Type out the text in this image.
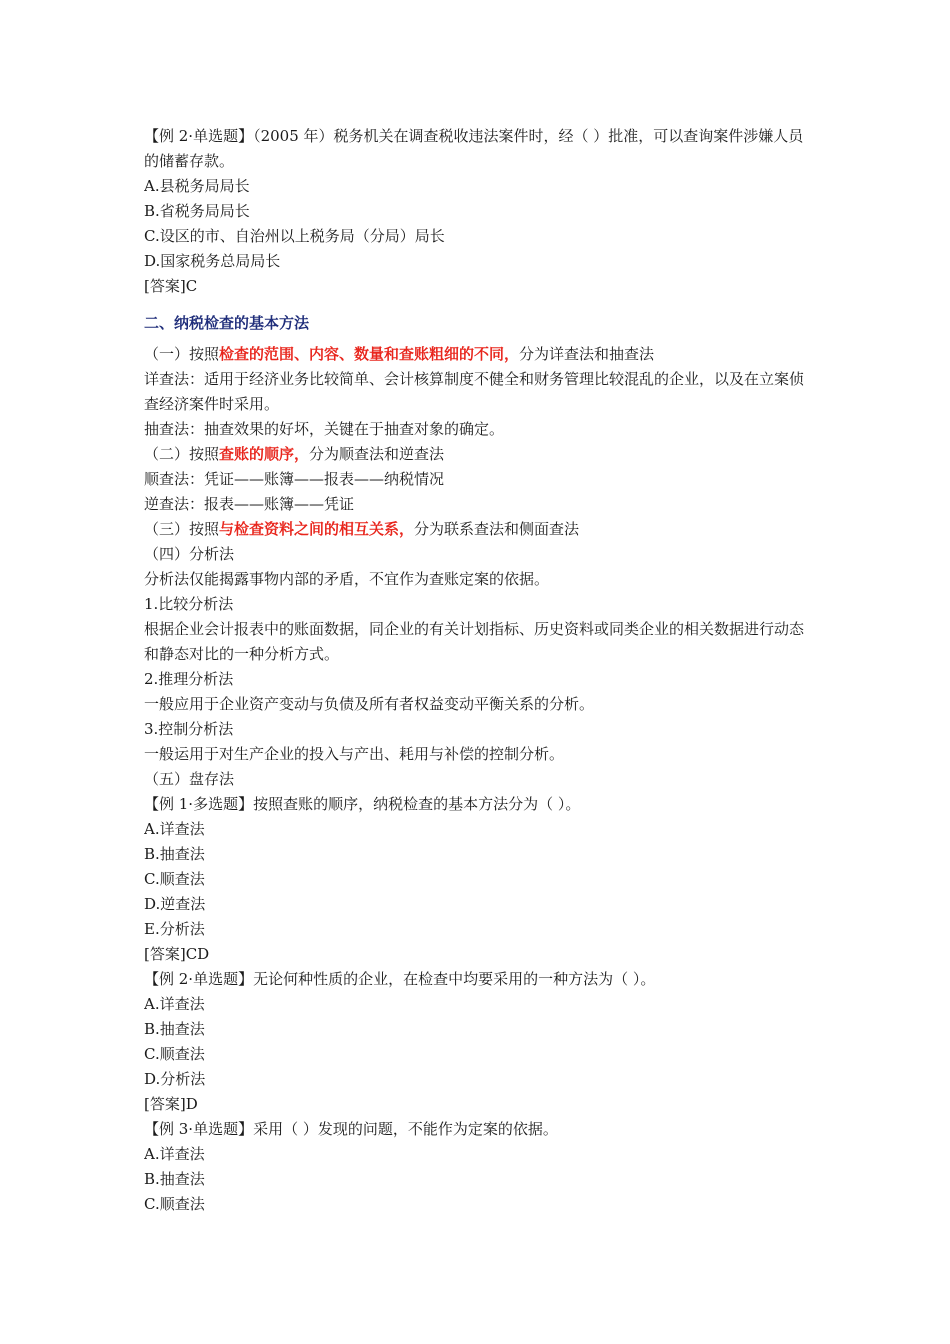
【例 2·单选题】（2005 年）税务机关在调查税收违法案件时，经（ ）批准，可以查询案件涉嫌人员的储蓄存款。
A.县税务局局长
B.省税务局局长
C.设区的市、自治州以上税务局（分局）局长
D.国家税务总局局长
[答案]C
二、纳税检查的基本方法
（一）按照检查的范围、内容、数量和查账粗细的不同，分为详查法和抽查法
详查法：适用于经济业务比较简单、会计核算制度不健全和财务管理比较混乱的企业，以及在立案侦查经济案件时采用。
抽查法：抽查效果的好坏，关键在于抽查对象的确定。
（二）按照查账的顺序，分为顺查法和逆查法
顺查法：凭证——账簿——报表——纳税情况
逆查法：报表——账簿——凭证
（三）按照与检查资料之间的相互关系，分为联系查法和侧面查法
（四）分析法
分析法仅能揭露事物内部的矛盾，不宜作为查账定案的依据。
1.比较分析法
根据企业会计报表中的账面数据，同企业的有关计划指标、历史资料或同类企业的相关数据进行动态和静态对比的一种分析方式。
2.推理分析法
一般应用于企业资产变动与负债及所有者权益变动平衡关系的分析。
3.控制分析法
一般运用于对生产企业的投入与产出、耗用与补偿的控制分析。
（五）盘存法
【例 1·多选题】按照查账的顺序，纳税检查的基本方法分为（ ）。
A.详查法
B.抽查法
C.顺查法
D.逆查法
E.分析法
[答案]CD
【例 2·单选题】无论何种性质的企业，在检查中均要采用的一种方法为（ ）。
A.详查法
B.抽查法
C.顺查法
D.分析法
[答案]D
【例 3·单选题】采用（ ）发现的问题，不能作为定案的依据。
A.详查法
B.抽查法
C.顺查法
